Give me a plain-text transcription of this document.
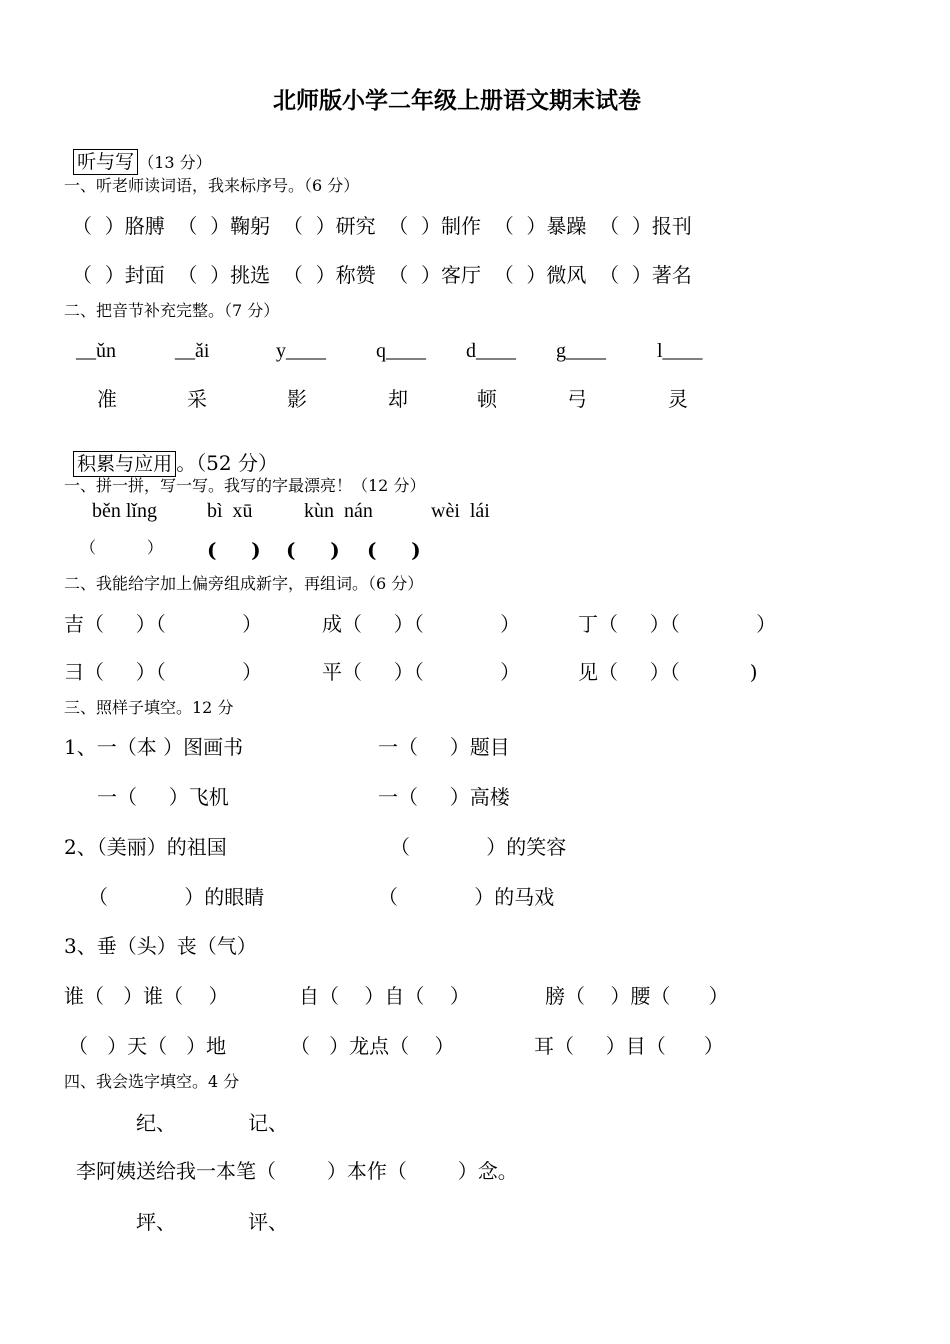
北师版小学二年级上册语文期末试卷

听与写 （13 分）

一、听老师读词语，我来标序号。（6 分）
（  ）胳膊  （  ）鞠躬  （  ）研究  （  ）制作  （  ）暴躁  （  ）报刊
（  ）封面  （  ）挑选  （  ）称赞  （  ）客厅  （  ）微风  （  ）著名
二、把音节补充完整。（7 分）
__ǔn	__ǎi	y____	q____ d____ g____	l____
准	采	影	却	顿	弓	灵

积累与应用 。（52 分）

一、拼一拼，写一写。我写的字最漂亮！（12 分）
běn lǐng	bì  xū	kùn  nán	wèi  lái
（          ） (     ) (     ) (     )
二、我能给字加上偏旁组成新字，再组词。（6 分）
吉（     ）（            ）	成（     ）（            ）	丁（     ）（            ）
彐（     ）（            ）	平（     ）（            ）	见（     ）（           )
三、照样子填空。12 分
1、一（本 ）图画书	一（     ）题目
一（     ）飞机	一（     ）高楼
2、（美丽）的祖国	（            ）的笑容
（            ）的眼睛	（            ）的马戏
3、垂（头）丧（气）
谁（   ）谁（    ）	自（    ）自（    ）	膀（    ）腰（      ）
（   ）天（   ）地	（   ）龙点（    ）	耳（     ）目（      ）
四、我会选字填空。4 分
纪、	记、
李阿姨送给我一本笔（        ）本作（        ）念。
坪、	评、
